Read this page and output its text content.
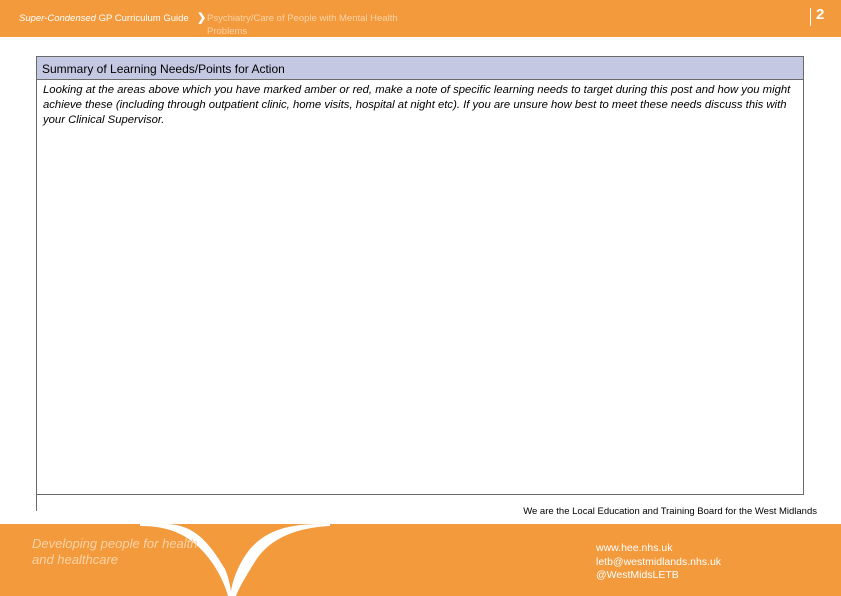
Super-Condensed GP Curriculum Guide ❯ Psychiatry/Care of People with Mental Health Problems
2
Summary of Learning Needs/Points for Action
Looking at the areas above which you have marked amber or red, make a note of specific learning needs to target during this post and how you might achieve these (including through outpatient clinic, home visits, hospital at night etc). If you are unsure how best to meet these needs discuss this with your Clinical Supervisor.
We are the Local Education and Training Board for the West Midlands
Developing people for health and healthcare
www.hee.nhs.uk
letb@westmidlands.nhs.uk
@WestMidsLETB
